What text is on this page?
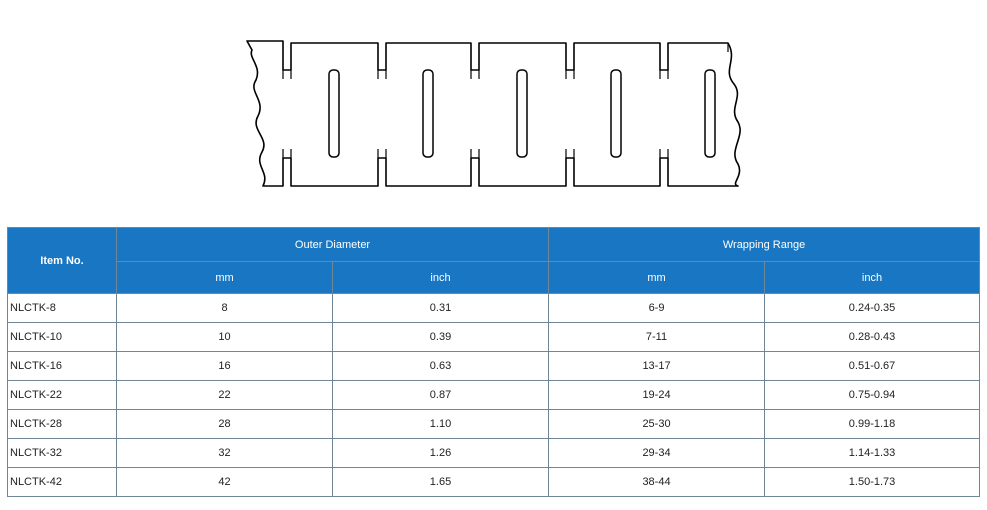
Item No.	Outer Diameter		Wrapping Range	
	mm	inch	mm	inch
NLCTK-8	8	0.31	6-9	0.24-0.35
NLCTK-10	10	0.39	7-11	0.28-0.43
NLCTK-16	16	0.63	13-17	0.51-0.67
NLCTK-22	22	0.87	19-24	0.75-0.94
NLCTK-28	28	1.10	25-30	0.99-1.18
NLCTK-32	32	1.26	29-34	1.14-1.33
NLCTK-42	42	1.65	38-44	1.50-1.73
